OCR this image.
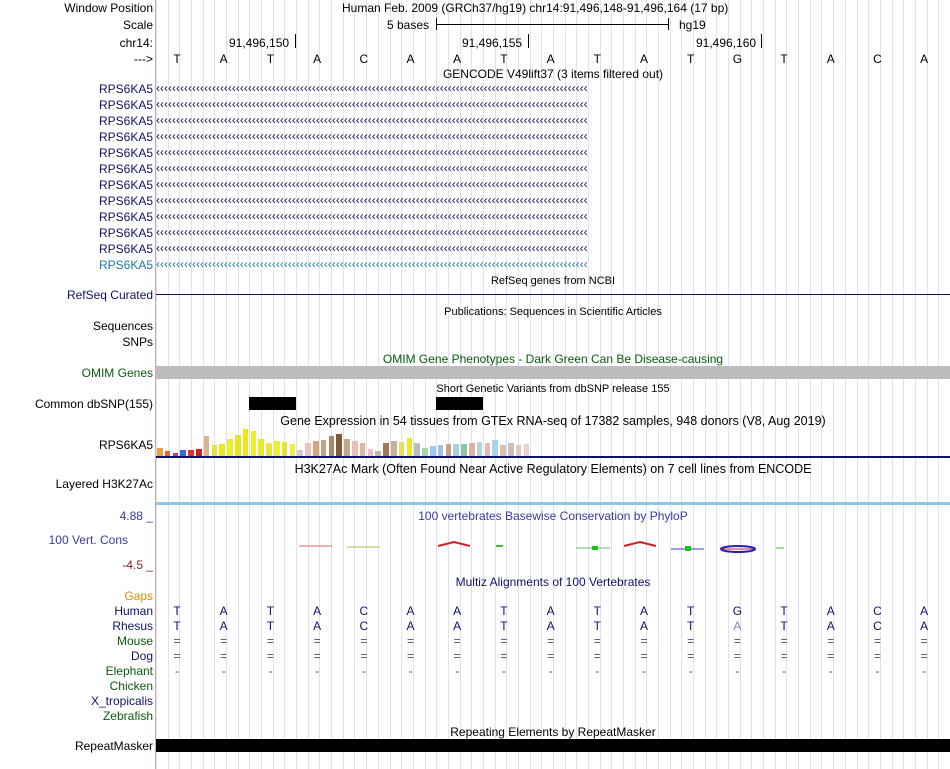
Window Position	Human Feb. 2009 (GRCh37/hg19) chr14:91,496,148-91,496,164 (17 bp)
Scale	5 bases	hg19
chr14:	91,496,150	91,496,155	91,496,160
--->	T	A	T	A	C	A	A	T	A	T	A	T	G	T	A	C	A
GENCODE V49lift37 (3 items filtered out)
RPS6KA5 ‹‹‹‹‹‹‹‹‹‹‹‹‹‹‹‹‹‹‹‹‹‹‹‹‹‹‹‹‹‹‹‹‹‹‹‹‹‹‹‹‹‹‹‹‹‹‹‹‹‹‹‹‹‹‹‹‹‹‹‹‹‹‹‹‹‹‹‹‹‹‹‹‹‹‹‹‹‹‹‹‹‹‹‹‹‹‹‹‹‹‹‹‹‹‹‹‹‹‹‹‹‹‹‹‹‹‹‹
RPS6KA5 ‹‹‹‹‹‹‹‹‹‹‹‹‹‹‹‹‹‹‹‹‹‹‹‹‹‹‹‹‹‹‹‹‹‹‹‹‹‹‹‹‹‹‹‹‹‹‹‹‹‹‹‹‹‹‹‹‹‹‹‹‹‹‹‹‹‹‹‹‹‹‹‹‹‹‹‹‹‹‹‹‹‹‹‹‹‹‹‹‹‹‹‹‹‹‹‹‹‹‹‹‹‹‹‹‹‹‹‹
RPS6KA5 ‹‹‹‹‹‹‹‹‹‹‹‹‹‹‹‹‹‹‹‹‹‹‹‹‹‹‹‹‹‹‹‹‹‹‹‹‹‹‹‹‹‹‹‹‹‹‹‹‹‹‹‹‹‹‹‹‹‹‹‹‹‹‹‹‹‹‹‹‹‹‹‹‹‹‹‹‹‹‹‹‹‹‹‹‹‹‹‹‹‹‹‹‹‹‹‹‹‹‹‹‹‹‹‹‹‹‹‹
RPS6KA5 ‹‹‹‹‹‹‹‹‹‹‹‹‹‹‹‹‹‹‹‹‹‹‹‹‹‹‹‹‹‹‹‹‹‹‹‹‹‹‹‹‹‹‹‹‹‹‹‹‹‹‹‹‹‹‹‹‹‹‹‹‹‹‹‹‹‹‹‹‹‹‹‹‹‹‹‹‹‹‹‹‹‹‹‹‹‹‹‹‹‹‹‹‹‹‹‹‹‹‹‹‹‹‹‹‹‹‹‹
RPS6KA5 ‹‹‹‹‹‹‹‹‹‹‹‹‹‹‹‹‹‹‹‹‹‹‹‹‹‹‹‹‹‹‹‹‹‹‹‹‹‹‹‹‹‹‹‹‹‹‹‹‹‹‹‹‹‹‹‹‹‹‹‹‹‹‹‹‹‹‹‹‹‹‹‹‹‹‹‹‹‹‹‹‹‹‹‹‹‹‹‹‹‹‹‹‹‹‹‹‹‹‹‹‹‹‹‹‹‹‹‹
RPS6KA5 ‹‹‹‹‹‹‹‹‹‹‹‹‹‹‹‹‹‹‹‹‹‹‹‹‹‹‹‹‹‹‹‹‹‹‹‹‹‹‹‹‹‹‹‹‹‹‹‹‹‹‹‹‹‹‹‹‹‹‹‹‹‹‹‹‹‹‹‹‹‹‹‹‹‹‹‹‹‹‹‹‹‹‹‹‹‹‹‹‹‹‹‹‹‹‹‹‹‹‹‹‹‹‹‹‹‹‹‹
RPS6KA5 ‹‹‹‹‹‹‹‹‹‹‹‹‹‹‹‹‹‹‹‹‹‹‹‹‹‹‹‹‹‹‹‹‹‹‹‹‹‹‹‹‹‹‹‹‹‹‹‹‹‹‹‹‹‹‹‹‹‹‹‹‹‹‹‹‹‹‹‹‹‹‹‹‹‹‹‹‹‹‹‹‹‹‹‹‹‹‹‹‹‹‹‹‹‹‹‹‹‹‹‹‹‹‹‹‹‹‹‹
RPS6KA5 ‹‹‹‹‹‹‹‹‹‹‹‹‹‹‹‹‹‹‹‹‹‹‹‹‹‹‹‹‹‹‹‹‹‹‹‹‹‹‹‹‹‹‹‹‹‹‹‹‹‹‹‹‹‹‹‹‹‹‹‹‹‹‹‹‹‹‹‹‹‹‹‹‹‹‹‹‹‹‹‹‹‹‹‹‹‹‹‹‹‹‹‹‹‹‹‹‹‹‹‹‹‹‹‹‹‹‹‹
RPS6KA5 ‹‹‹‹‹‹‹‹‹‹‹‹‹‹‹‹‹‹‹‹‹‹‹‹‹‹‹‹‹‹‹‹‹‹‹‹‹‹‹‹‹‹‹‹‹‹‹‹‹‹‹‹‹‹‹‹‹‹‹‹‹‹‹‹‹‹‹‹‹‹‹‹‹‹‹‹‹‹‹‹‹‹‹‹‹‹‹‹‹‹‹‹‹‹‹‹‹‹‹‹‹‹‹‹‹‹‹‹
RPS6KA5 ‹‹‹‹‹‹‹‹‹‹‹‹‹‹‹‹‹‹‹‹‹‹‹‹‹‹‹‹‹‹‹‹‹‹‹‹‹‹‹‹‹‹‹‹‹‹‹‹‹‹‹‹‹‹‹‹‹‹‹‹‹‹‹‹‹‹‹‹‹‹‹‹‹‹‹‹‹‹‹‹‹‹‹‹‹‹‹‹‹‹‹‹‹‹‹‹‹‹‹‹‹‹‹‹‹‹‹‹
RPS6KA5 ‹‹‹‹‹‹‹‹‹‹‹‹‹‹‹‹‹‹‹‹‹‹‹‹‹‹‹‹‹‹‹‹‹‹‹‹‹‹‹‹‹‹‹‹‹‹‹‹‹‹‹‹‹‹‹‹‹‹‹‹‹‹‹‹‹‹‹‹‹‹‹‹‹‹‹‹‹‹‹‹‹‹‹‹‹‹‹‹‹‹‹‹‹‹‹‹‹‹‹‹‹‹‹‹‹‹‹‹
RPS6KA5 ‹‹‹‹‹‹‹‹‹‹‹‹‹‹‹‹‹‹‹‹‹‹‹‹‹‹‹‹‹‹‹‹‹‹‹‹‹‹‹‹‹‹‹‹‹‹‹‹‹‹‹‹‹‹‹‹‹‹‹‹‹‹‹‹‹‹‹‹‹‹‹‹‹‹‹‹‹‹‹‹‹‹‹‹‹‹‹‹‹‹‹‹‹‹‹‹‹‹‹‹‹‹‹‹‹‹‹‹
RefSeq genes from NCBI
RefSeq Curated
Publications: Sequences in Scientific Articles
Sequences
SNPs
OMIM Gene Phenotypes - Dark Green Can Be Disease-causing
OMIM Genes
Short Genetic Variants from dbSNP release 155
Common dbSNP(155)
Gene Expression in 54 tissues from GTEx RNA-seq of 17382 samples, 948 donors (V8, Aug 2019)
RPS6KA5
H3K27Ac Mark (Often Found Near Active Regulatory Elements) on 7 cell lines from ENCODE
Layered H3K27Ac
100 vertebrates Basewise Conservation by PhyloP
4.88 _
100 Vert. Cons
-4.5 _
Multiz Alignments of 100 Vertebrates
Gaps
Human	T	A	T	A	C	A	A	T	A	T	A	T	G	T	A	C	A
Rhesus	T	A	T	A	C	A	A	T	A	T	A	T	A	T	A	C	A
Mouse	=	=	=	=	=	=	=	=	=	=	=	=	=	=	=	=	=
Dog	=	=	=	=	=	=	=	=	=	=	=	=	=	=	=	=	=
Elephant	-	-	-	-	-	-	-	-	-	-	-	-	-	-	-	-	-
Chicken
X_tropicalis
Zebrafish
Repeating Elements by RepeatMasker
RepeatMasker
